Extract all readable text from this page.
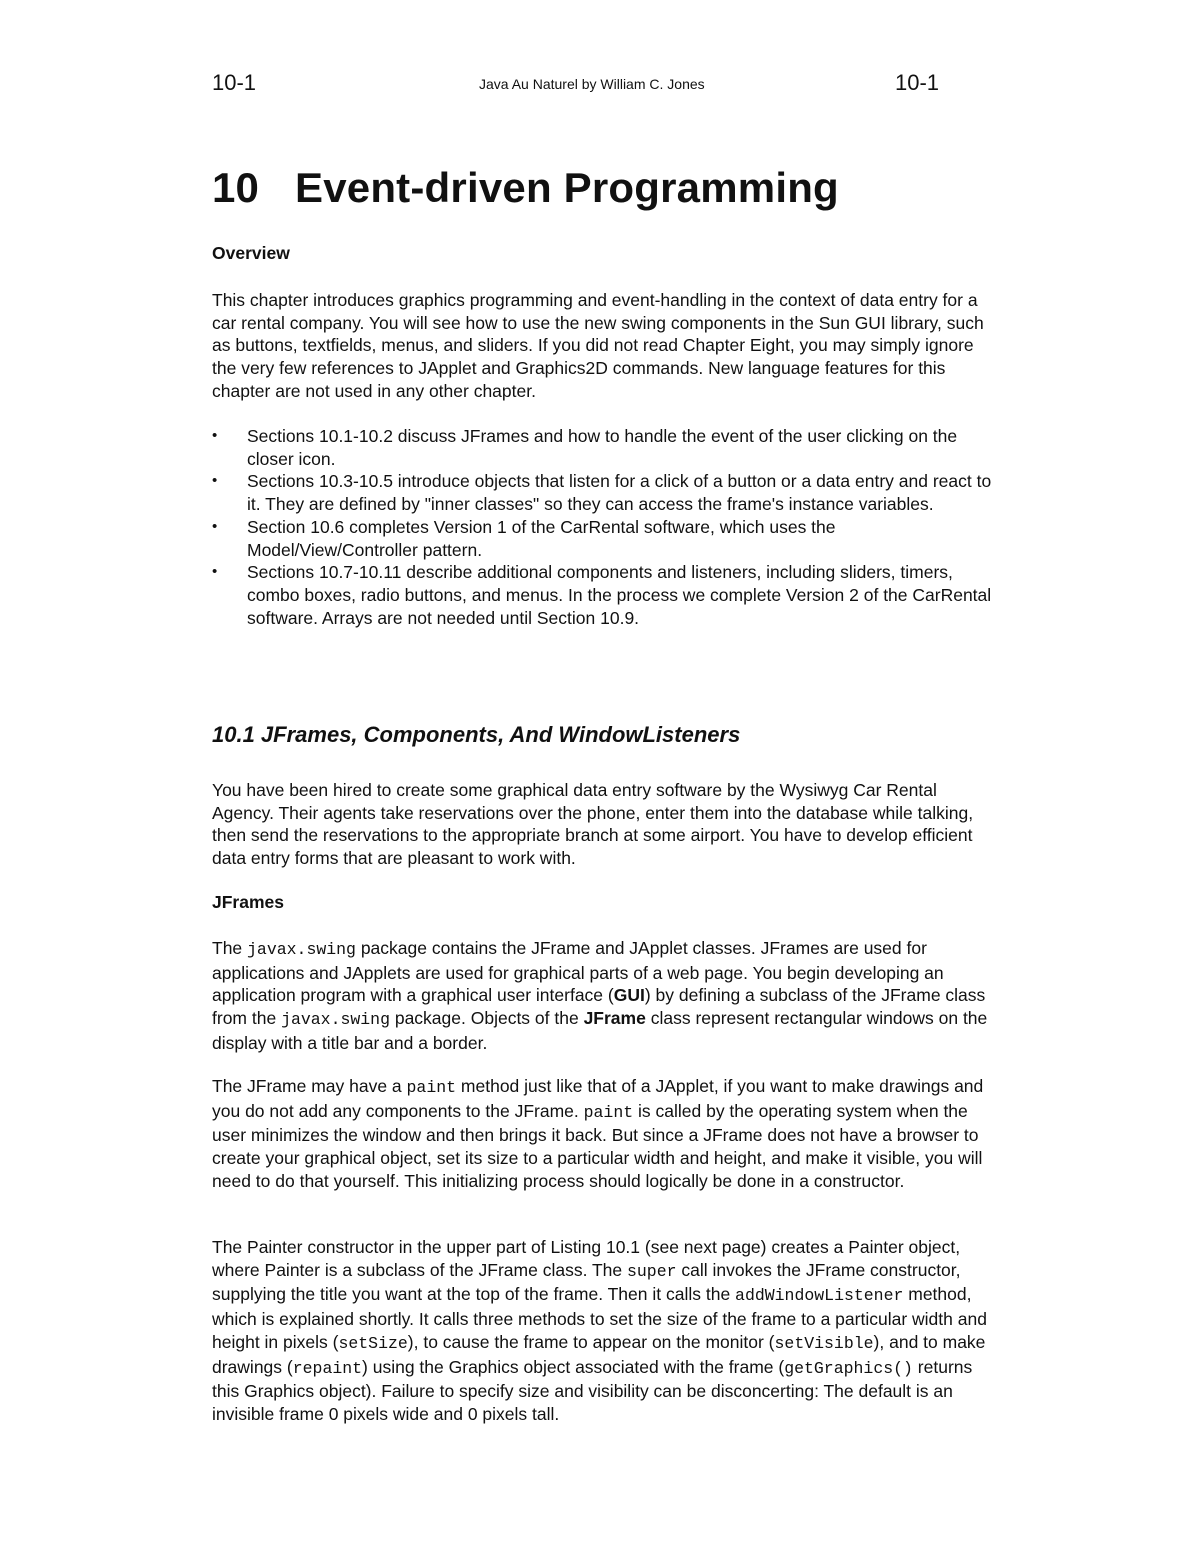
10-1	Java Au Naturel by William C. Jones	10-1
10 Event-driven Programming
Overview

This chapter introduces graphics programming and event-handling in the context of data entry for a car rental company. You will see how to use the new swing components in the Sun GUI library, such as buttons, textfields, menus, and sliders. If you did not read Chapter Eight, you may simply ignore the very few references to JApplet and Graphics2D commands. New language features for this chapter are not used in any other chapter.

• Sections 10.1-10.2 discuss JFrames and how to handle the event of the user clicking on the closer icon.
• Sections 10.3-10.5 introduce objects that listen for a click of a button or a data entry and react to it. They are defined by "inner classes" so they can access the frame's instance variables.
• Section 10.6 completes Version 1 of the CarRental software, which uses the Model/View/Controller pattern.
• Sections 10.7-10.11 describe additional components and listeners, including sliders, timers, combo boxes, radio buttons, and menus. In the process we complete Version 2 of the CarRental software. Arrays are not needed until Section 10.9.
10.1 JFrames, Components, And WindowListeners

You have been hired to create some graphical data entry software by the Wysiwyg Car Rental Agency. Their agents take reservations over the phone, enter them into the database while talking, then send the reservations to the appropriate branch at some airport. You have to develop efficient data entry forms that are pleasant to work with.

JFrames

The javax.swing package contains the JFrame and JApplet classes. JFrames are used for applications and JApplets are used for graphical parts of a web page. You begin developing an application program with a graphical user interface (GUI) by defining a subclass of the JFrame class from the javax.swing package. Objects of the JFrame class represent rectangular windows on the display with a title bar and a border.

The JFrame may have a paint method just like that of a JApplet, if you want to make drawings and you do not add any components to the JFrame. paint is called by the operating system when the user minimizes the window and then brings it back. But since a JFrame does not have a browser to create your graphical object, set its size to a particular width and height, and make it visible, you will need to do that yourself. This initializing process should logically be done in a constructor.

The Painter constructor in the upper part of Listing 10.1 (see next page) creates a Painter object, where Painter is a subclass of the JFrame class. The super call invokes the JFrame constructor, supplying the title you want at the top of the frame. Then it calls the addWindowListener method, which is explained shortly. It calls three methods to set the size of the frame to a particular width and height in pixels (setSize), to cause the frame to appear on the monitor (setVisible), and to make drawings (repaint) using the Graphics object associated with the frame (getGraphics() returns this Graphics object). Failure to specify size and visibility can be disconcerting: The default is an invisible frame 0 pixels wide and 0 pixels tall.
